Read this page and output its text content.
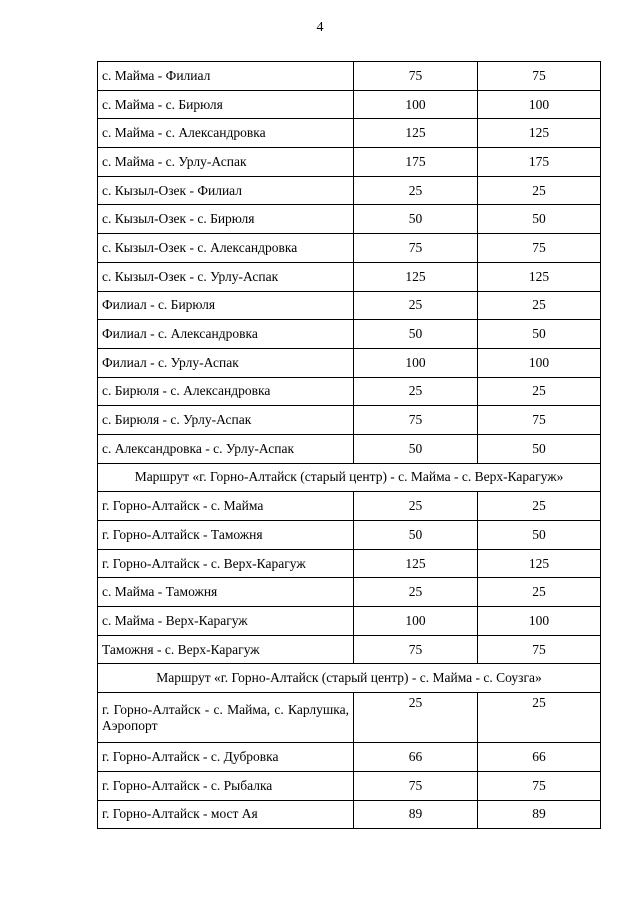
4
с. Майма - Филиал	75	75
с. Майма - с. Бирюля	100	100
с. Майма - с. Александровка	125	125
с. Майма - с. Урлу-Аспак	175	175
с. Кызыл-Озек - Филиал	25	25
с. Кызыл-Озек - с. Бирюля	50	50
с. Кызыл-Озек - с. Александровка	75	75
с. Кызыл-Озек - с. Урлу-Аспак	125	125
Филиал - с. Бирюля	25	25
Филиал - с. Александровка	50	50
Филиал - с. Урлу-Аспак	100	100
с. Бирюля - с. Александровка	25	25
с. Бирюля - с. Урлу-Аспак	75	75
с. Александровка - с. Урлу-Аспак	50	50
Маршрут «г. Горно-Алтайск (старый центр) - с. Майма - с. Верх-Карагуж»		
г. Горно-Алтайск - с. Майма	25	25
г. Горно-Алтайск - Таможня	50	50
г. Горно-Алтайск - с. Верх-Карагуж	125	125
с. Майма - Таможня	25	25
с. Майма - Верх-Карагуж	100	100
Таможня - с. Верх-Карагуж	75	75
Маршрут «г. Горно-Алтайск (старый центр) - с. Майма - с. Соузга»		
г. Горно-Алтайск - с. Майма, с. Карлушка, Аэропорт	25	25
г. Горно-Алтайск - с. Дубровка	66	66
г. Горно-Алтайск - с. Рыбалка	75	75
г. Горно-Алтайск - мост Ая	89	89
